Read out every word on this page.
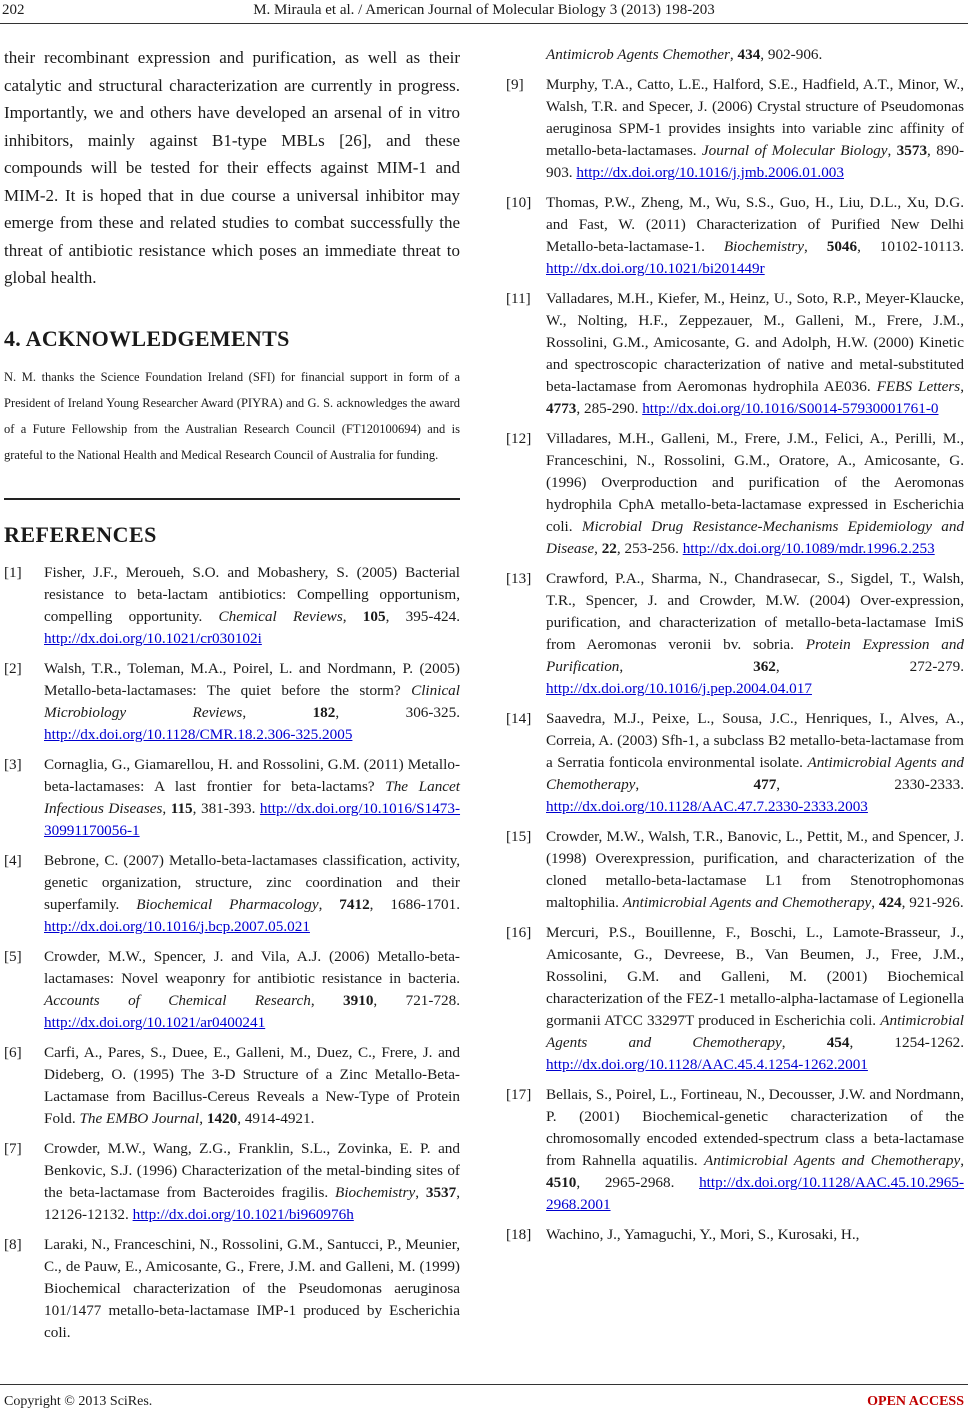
202	M. Miraula et al. / American Journal of Molecular Biology 3 (2013) 198-203

their recombinant expression and purification, as well as their catalytic and structural characterization are currently in progress. Importantly, we and others have developed an arsenal of in vitro inhibitors, mainly against B1-type MBLs [26], and these compounds will be tested for their effects against MIM-1 and MIM-2. It is hoped that in due course a universal inhibitor may emerge from these and related studies to combat successfully the threat of antibiotic resistance which poses an immediate threat to global health.

4. ACKNOWLEDGEMENTS

N. M. thanks the Science Foundation Ireland (SFI) for financial support in form of a President of Ireland Young Researcher Award (PIYRA) and G. S. acknowledges the award of a Future Fellowship from the Australian Research Council (FT120100694) and is grateful to the National Health and Medical Research Council of Australia for funding.

REFERENCES
[1]	Fisher, J.F., Meroueh, S.O. and Mobashery, S. (2005) Bacterial resistance to beta-lactam antibiotics: Compelling opportunism, compelling opportunity. Chemical Reviews, 105, 395-424. http://dx.doi.org/10.1021/cr030102i
[2]	Walsh, T.R., Toleman, M.A., Poirel, L. and Nordmann, P. (2005) Metallo-beta-lactamases: The quiet before the storm? Clinical Microbiology Reviews, 182, 306-325. http://dx.doi.org/10.1128/CMR.18.2.306-325.2005
[3]	Cornaglia, G., Giamarellou, H. and Rossolini, G.M. (2011) Metallo-beta-lactamases: A last frontier for beta-lactams? The Lancet Infectious Diseases, 115, 381-393. http://dx.doi.org/10.1016/S1473-30991170056-1
[4]	Bebrone, C. (2007) Metallo-beta-lactamases classification, activity, genetic organization, structure, zinc coordination and their superfamily. Biochemical Pharmacology, 7412, 1686-1701. http://dx.doi.org/10.1016/j.bcp.2007.05.021
[5]	Crowder, M.W., Spencer, J. and Vila, A.J. (2006) Metallo-beta-lactamases: Novel weaponry for antibiotic resistance in bacteria. Accounts of Chemical Research, 3910, 721-728. http://dx.doi.org/10.1021/ar0400241
[6]	Carfi, A., Pares, S., Duee, E., Galleni, M., Duez, C., Frere, J. and Dideberg, O. (1995) The 3-D Structure of a Zinc Metallo-Beta-Lactamase from Bacillus-Cereus Reveals a New-Type of Protein Fold. The EMBO Journal, 1420, 4914-4921.
[7]	Crowder, M.W., Wang, Z.G., Franklin, S.L., Zovinka, E. P. and Benkovic, S.J. (1996) Characterization of the metal-binding sites of the beta-lactamase from Bacteroides fragilis. Biochemistry, 3537, 12126-12132. http://dx.doi.org/10.1021/bi960976h
[8]	Laraki, N., Franceschini, N., Rossolini, G.M., Santucci, P., Meunier, C., de Pauw, E., Amicosante, G., Frere, J.M. and Galleni, M. (1999) Biochemical characterization of the Pseudomonas aeruginosa 101/1477 metallo-beta-lactamase IMP-1 produced by Escherichia coli.
Antimicrob Agents Chemother, 434, 902-906.
[9]	Murphy, T.A., Catto, L.E., Halford, S.E., Hadfield, A.T., Minor, W., Walsh, T.R. and Specer, J. (2006) Crystal structure of Pseudomonas aeruginosa SPM-1 provides insights into variable zinc affinity of metallo-beta-lactamases. Journal of Molecular Biology, 3573, 890-903. http://dx.doi.org/10.1016/j.jmb.2006.01.003
[10] Thomas, P.W., Zheng, M., Wu, S.S., Guo, H., Liu, D.L., Xu, D.G. and Fast, W. (2011) Characterization of Purified New Delhi Metallo-beta-lactamase-1. Biochemistry, 5046, 10102-10113. http://dx.doi.org/10.1021/bi201449r
[11]	Valladares, M.H., Kiefer, M., Heinz, U., Soto, R.P., Meyer-Klaucke, W., Nolting, H.F., Zeppezauer, M., Galleni, M., Frere, J.M., Rossolini, G.M., Amicosante, G. and Adolph, H.W. (2000) Kinetic and spectroscopic characterization of native and metal-substituted beta-lactamase from Aeromonas hydrophila AE036. FEBS Letters, 4773, 285-290. http://dx.doi.org/10.1016/S0014-57930001761-0
[12] Villadares, M.H., Galleni, M., Frere, J.M., Felici, A., Perilli, M., Franceschini, N., Rossolini, G.M., Oratore, A., Amicosante, G. (1996) Overproduction and purification of the Aeromonas hydrophila CphA metallo-beta-lactamase expressed in Escherichia coli. Microbial Drug Resistance-Mechanisms Epidemiology and Disease, 22, 253-256. http://dx.doi.org/10.1089/mdr.1996.2.253
[13] Crawford, P.A., Sharma, N., Chandrasecar, S., Sigdel, T., Walsh, T.R., Spencer, J. and Crowder, M.W. (2004) Over-expression, purification, and characterization of metallo-beta-lactamase ImiS from Aeromonas veronii bv. sobria. Protein Expression and Purification, 362, 272-279. http://dx.doi.org/10.1016/j.pep.2004.04.017
[14] Saavedra, M.J., Peixe, L., Sousa, J.C., Henriques, I., Alves, A., Correia, A. (2003) Sfh-1, a subclass B2 metallo-beta-lactamase from a Serratia fonticola environmental isolate. Antimicrobial Agents and Chemotherapy, 477, 2330-2333. http://dx.doi.org/10.1128/AAC.47.7.2330-2333.2003
[15] Crowder, M.W., Walsh, T.R., Banovic, L., Pettit, M., and Spencer, J. (1998) Overexpression, purification, and characterization of the cloned metallo-beta-lactamase L1 from Stenotrophomonas maltophilia. Antimicrobial Agents and Chemotherapy, 424, 921-926.
[16] Mercuri, P.S., Bouillenne, F., Boschi, L., Lamote-Brasseur, J., Amicosante, G., Devreese, B., Van Beumen, J., Free, J.M., Rossolini, G.M. and Galleni, M. (2001) Biochemical characterization of the FEZ-1 metallo-alpha-lactamase of Legionella gormanii ATCC 33297T produced in Escherichia coli. Antimicrobial Agents and Chemotherapy, 454, 1254-1262. http://dx.doi.org/10.1128/AAC.45.4.1254-1262.2001
[17] Bellais, S., Poirel, L., Fortineau, N., Decousser, J.W. and Nordmann, P. (2001) Biochemical-genetic characterization of the chromosomally encoded extended-spectrum class a beta-lactamase from Rahnella aquatilis. Antimicrobial Agents and Chemotherapy, 4510, 2965-2968. http://dx.doi.org/10.1128/AAC.45.10.2965-2968.2001
[18] Wachino, J., Yamaguchi, Y., Mori, S., Kurosaki, H.,
Copyright © 2013 SciRes.	OPEN ACCESS
